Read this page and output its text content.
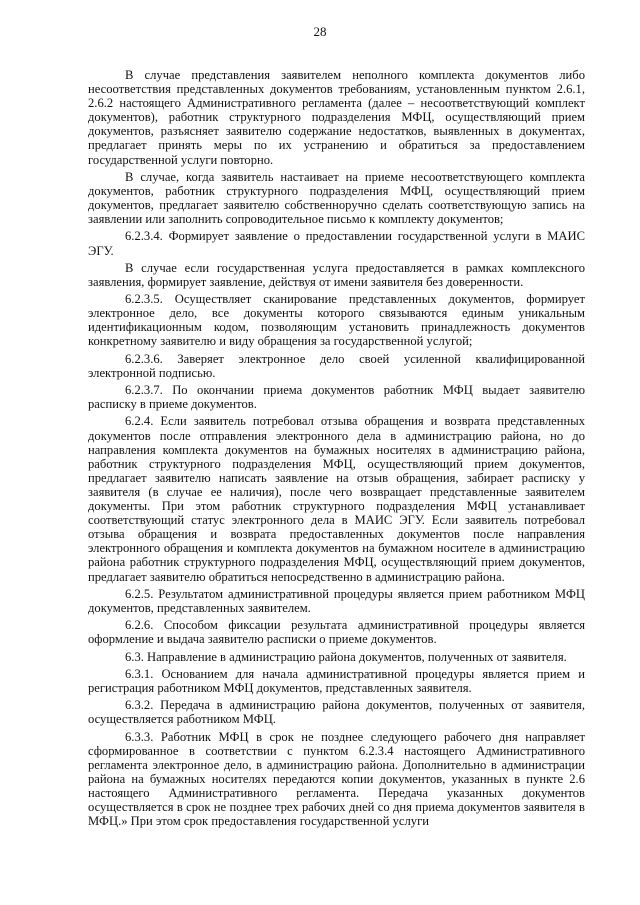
28

В случае представления заявителем неполного комплекта документов либо несоответствия представленных документов требованиям, установленным пунктом 2.6.1, 2.6.2 настоящего Административного регламента (далее – несоответствующий комплект документов), работник структурного подразделения МФЦ, осуществляющий прием документов, разъясняет заявителю содержание недостатков, выявленных в документах, предлагает принять меры по их устранению и обратиться за предоставлением государственной услуги повторно.

В случае, когда заявитель настаивает на приеме несоответствующего комплекта документов, работник структурного подразделения МФЦ, осуществляющий прием документов, предлагает заявителю собственноручно сделать соответствующую запись на заявлении или заполнить сопроводительное письмо к комплекту документов;

6.2.3.4. Формирует заявление о предоставлении государственной услуги в МАИС ЭГУ.

В случае если государственная услуга предоставляется в рамках комплексного заявления, формирует заявление, действуя от имени заявителя без доверенности.

6.2.3.5. Осуществляет сканирование представленных документов, формирует электронное дело, все документы которого связываются единым уникальным идентификационным кодом, позволяющим установить принадлежность документов конкретному заявителю и виду обращения за государственной услугой;

6.2.3.6. Заверяет электронное дело своей усиленной квалифицированной электронной подписью.

6.2.3.7. По окончании приема документов работник МФЦ выдает заявителю расписку в приеме документов.

6.2.4. Если заявитель потребовал отзыва обращения и возврата представленных документов после отправления электронного дела в администрацию района, но до направления комплекта документов на бумажных носителях в администрацию района, работник структурного подразделения МФЦ, осуществляющий прием документов, предлагает заявителю написать заявление на отзыв обращения, забирает расписку у заявителя (в случае ее наличия), после чего возвращает представленные заявителем документы. При этом работник структурного подразделения МФЦ устанавливает соответствующий статус электронного дела в МАИС ЭГУ. Если заявитель потребовал отзыва обращения и возврата предоставленных документов после направления электронного обращения и комплекта документов на бумажном носителе в администрацию района работник структурного подразделения МФЦ, осуществляющий прием документов, предлагает заявителю обратиться непосредственно в администрацию района.

6.2.5. Результатом административной процедуры является прием работником МФЦ документов, представленных заявителем.

6.2.6. Способом фиксации результата административной процедуры является оформление и выдача заявителю расписки о приеме документов.

6.3. Направление в администрацию района документов, полученных от заявителя.

6.3.1. Основанием для начала административной процедуры является прием и регистрация работником МФЦ документов, представленных заявителя.

6.3.2. Передача в администрацию района документов, полученных от заявителя, осуществляется работником МФЦ.

6.3.3. Работник МФЦ в срок не позднее следующего рабочего дня направляет сформированное в соответствии с пунктом 6.2.3.4 настоящего Административного регламента электронное дело, в администрацию района. Дополнительно в администрации района на бумажных носителях передаются копии документов, указанных в пункте 2.6 настоящего Административного регламента. Передача указанных документов осуществляется в срок не позднее трех рабочих дней со дня приема документов заявителя в МФЦ.» При этом срок предоставления государственной услуги
